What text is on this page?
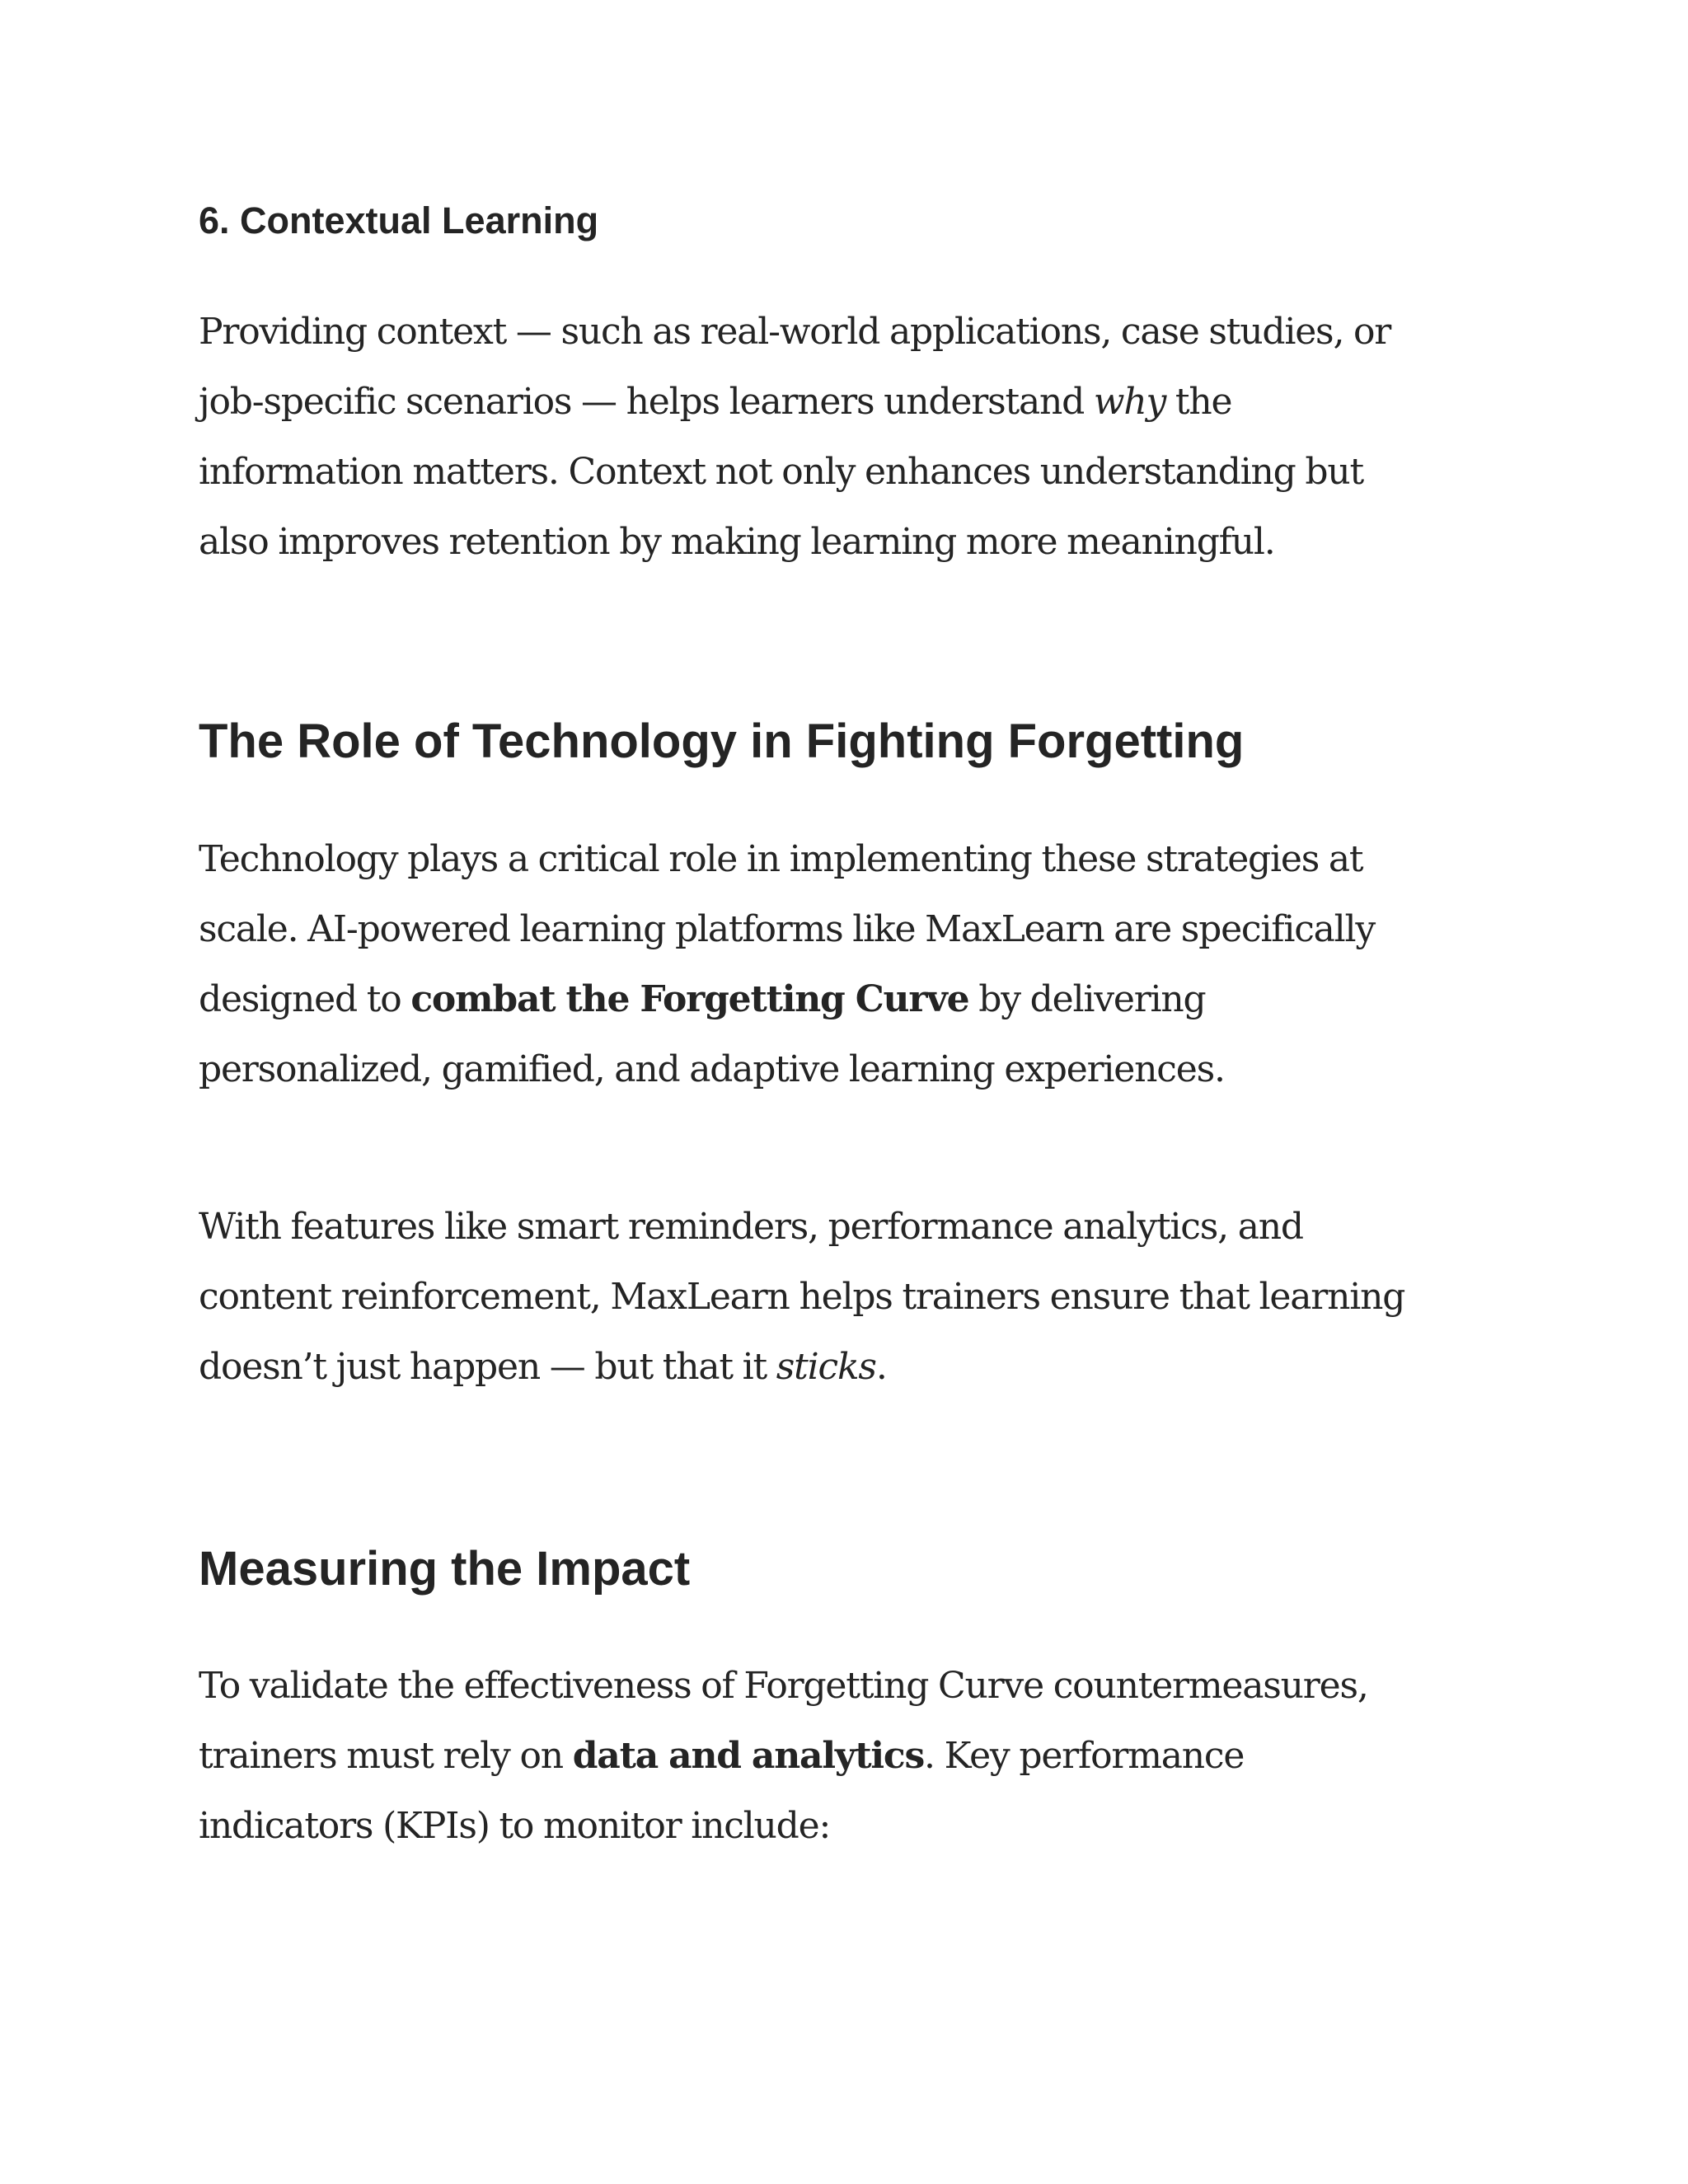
6. Contextual Learning

Providing context — such as real-world applications, case studies, or
job-specific scenarios — helps learners understand why the
information matters. Context not only enhances understanding but
also improves retention by making learning more meaningful.

The Role of Technology in Fighting Forgetting

Technology plays a critical role in implementing these strategies at
scale. AI-powered learning platforms like MaxLearn are specifically
designed to combat the Forgetting Curve by delivering
personalized, gamified, and adaptive learning experiences.

With features like smart reminders, performance analytics, and
content reinforcement, MaxLearn helps trainers ensure that learning
doesn’t just happen — but that it sticks.

Measuring the Impact

To validate the effectiveness of Forgetting Curve countermeasures,
trainers must rely on data and analytics. Key performance
indicators (KPIs) to monitor include:
